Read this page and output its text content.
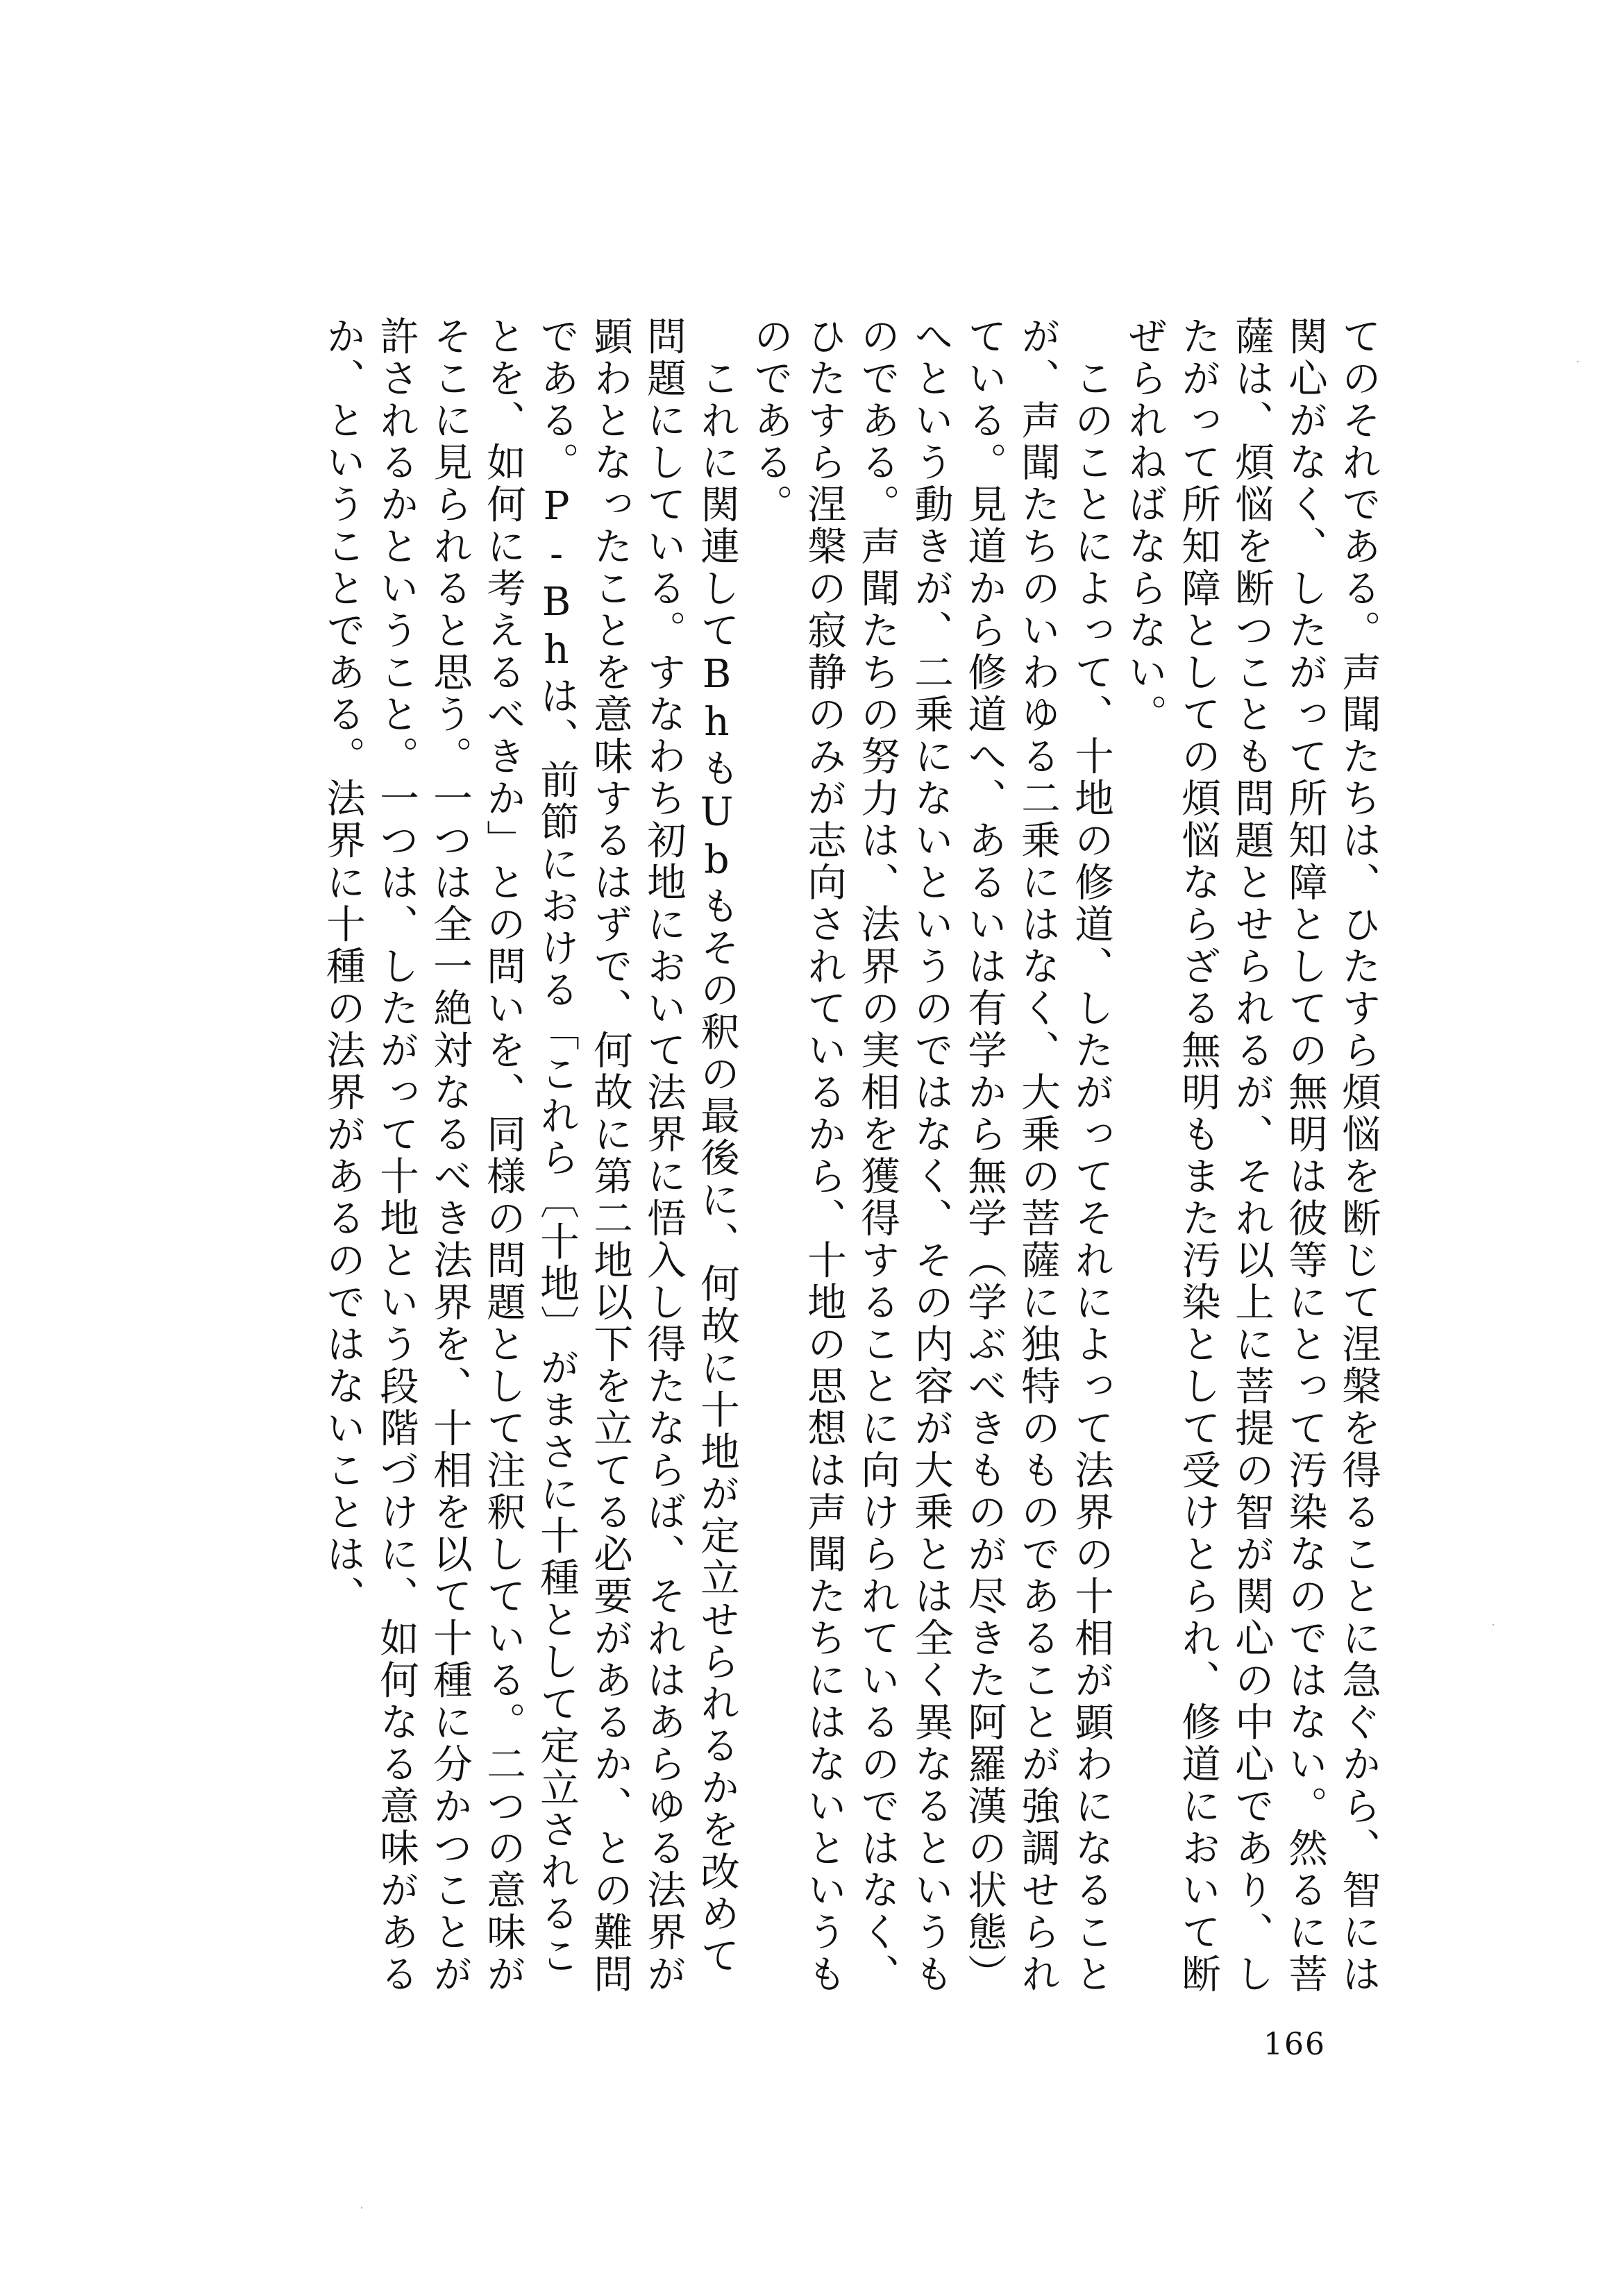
てのそれである。声聞たちは、ひたすら煩悩を断じて涅槃を得ることに急ぐから、智には関心がなく、したがって所知障としての無明は彼等にとって汚染なのではない。然るに菩薩は、煩悩を断つことも問題とせられるが、それ以上に菩提の智が関心の中心であり、したがって所知障としての煩悩ならざる無明もまた汚染として受けとられ、修道において断ぜられねばならない。

　このことによって、十地の修道、したがってそれによって法界の十相が顕わになることが、声聞たちのいわゆる二乗にはなく、大乗の菩薩に独特のものであることが強調せられている。見道から修道へ、あるいは有学から無学（学ぶべきものが尽きた阿羅漢の状態）へという動きが、二乗にないというのではなく、その内容が大乗とは全く異なるというものである。声聞たちの努力は、法界の実相を獲得することに向けられているのではなく、ひたすら涅槃の寂静のみが志向されているから、十地の思想は声聞たちにはないというものである。

　これに関連してBhもUbもその釈の最後に、何故に十地が定立せられるかを改めて問題にしている。すなわち初地において法界に悟入し得たならば、それはあらゆる法界が顕わとなったことを意味するはずで、何故に第二地以下を立てる必要があるか、との難問である。P-Bhは、前節における「これら〔十地〕がまさに十種として定立されることを、如何に考えるべきか」との問いを、同様の問題として注釈している。二つの意味がそこに見られると思う。一つは全一絶対なるべき法界を、十相を以て十種に分かつことが許されるかということ。一つは、したがって十地という段階づけに、如何なる意味があるか、ということである。法界に十種の法界があるのではないことは、

166
